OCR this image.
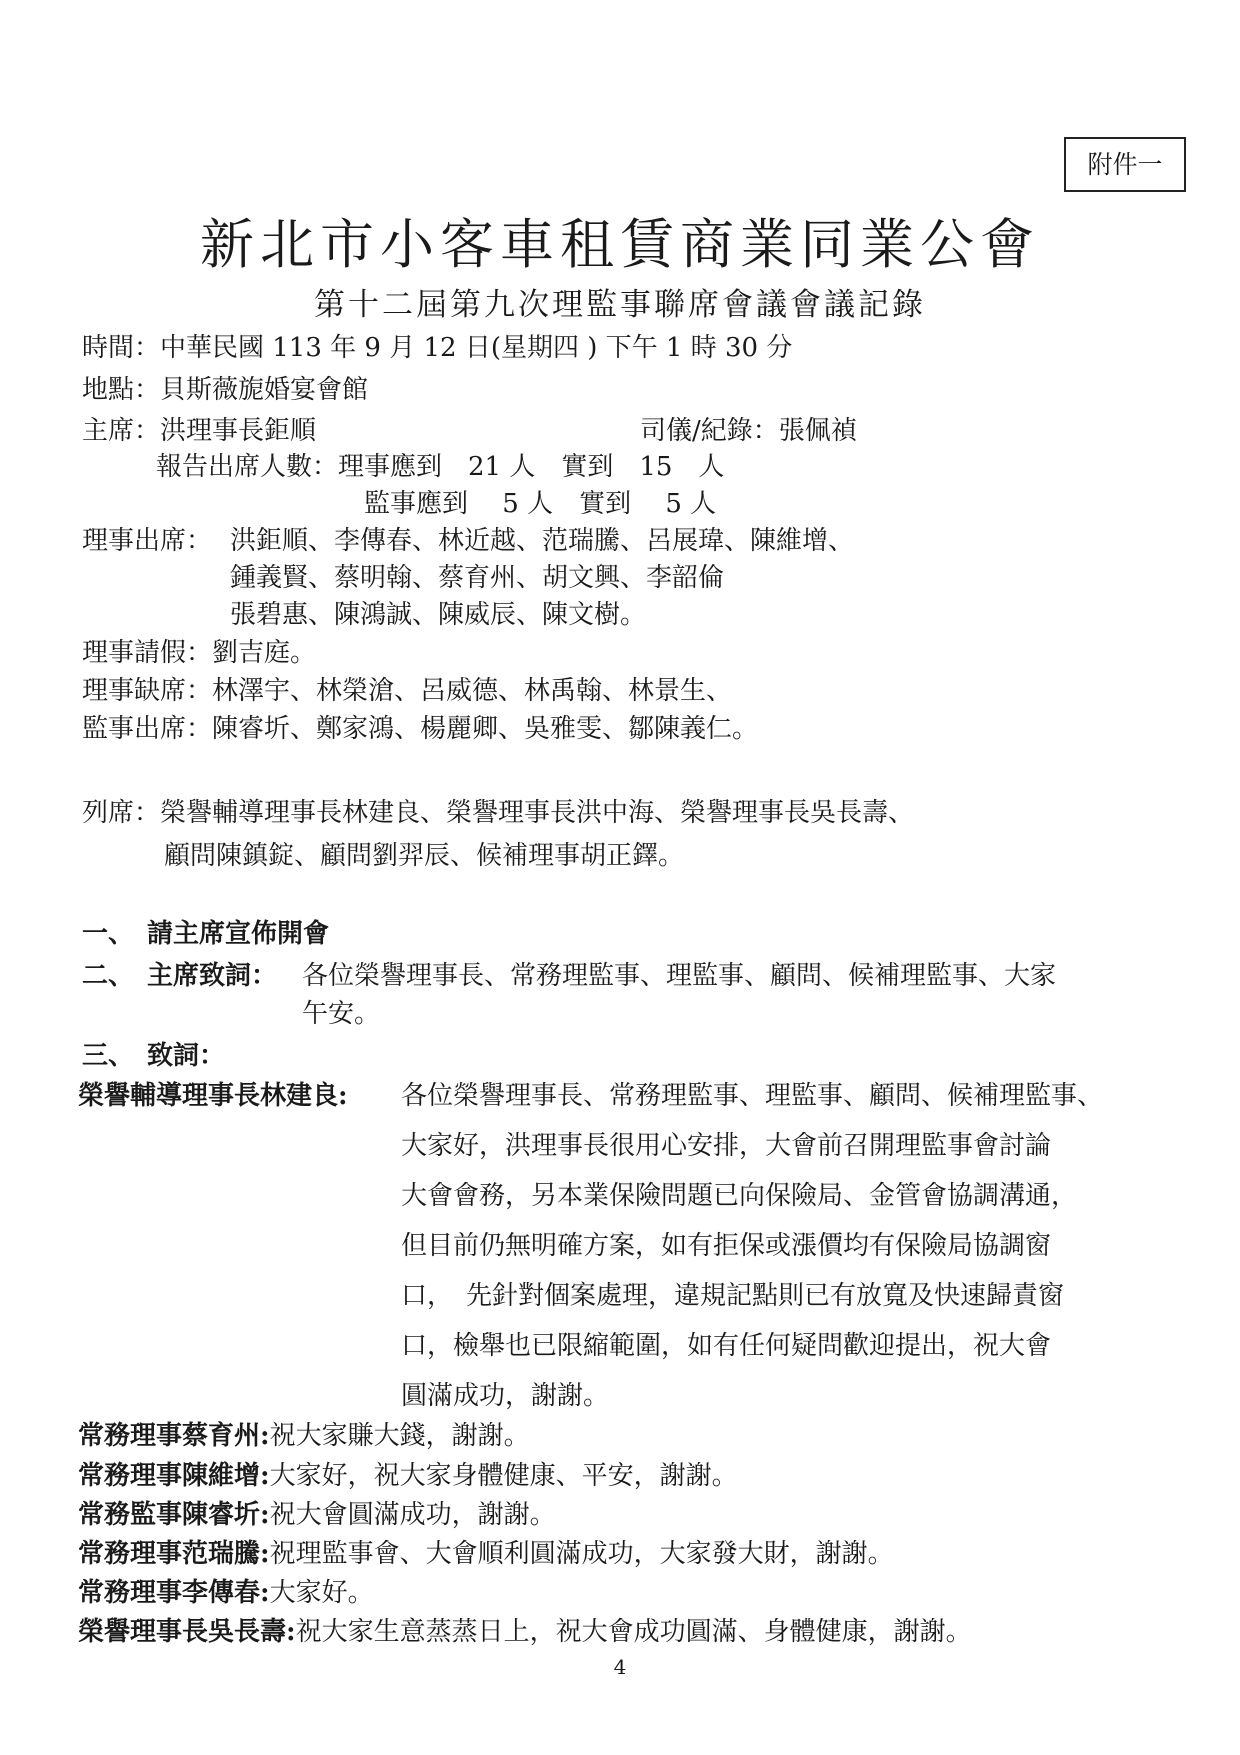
附件一
新北市小客車租賃商業同業公會
第十二屆第九次理監事聯席會議會議記錄
時間：中華民國 113 年 9 月 12 日(星期四 ) 下午 1 時 30 分
地點：貝斯薇旎婚宴會館
主席：洪理事長鉅順	司儀/紀錄：張佩禎
報告出席人數：理事應到　21 人　實到　15　人
監事應到　 5 人　實到　 5 人
理事出席： 洪鉅順、李傳春、林近越、范瑞騰、呂展瑋、陳維增、
鍾義賢、蔡明翰、蔡育州、胡文興、李韶倫
張碧惠、陳鴻誠、陳威辰、陳文樹。
理事請假：劉吉庭。
理事缺席：林澤宇、林榮滄、呂威德、林禹翰、林景生、
監事出席：陳睿圻、鄭家鴻、楊麗卿、吳雅雯、鄒陳義仁。
列席：榮譽輔導理事長林建良、榮譽理事長洪中海、榮譽理事長吳長壽、
顧問陳鎮錠、顧問劉羿辰、候補理事胡正鐸。
一、　請主席宣佈開會
二、　主席致詞： 各位榮譽理事長、常務理監事、理監事、顧問、候補理監事、大家
午安。
三、　致詞：
榮譽輔導理事長林建良: 各位榮譽理事長、常務理監事、理監事、顧問、候補理監事、
大家好，洪理事長很用心安排，大會前召開理監事會討論
大會會務，另本業保險問題已向保險局、金管會協調溝通，
但目前仍無明確方案，如有拒保或漲價均有保險局協調窗
口，　先針對個案處理，違規記點則已有放寬及快速歸責窗
口，檢舉也已限縮範圍，如有任何疑問歡迎提出，祝大會
圓滿成功，謝謝。
常務理事蔡育州:祝大家賺大錢，謝謝。
常務理事陳維增:大家好，祝大家身體健康、平安，謝謝。
常務監事陳睿圻:祝大會圓滿成功，謝謝。
常務理事范瑞騰:祝理監事會、大會順利圓滿成功，大家發大財，謝謝。
常務理事李傳春:大家好。
榮譽理事長吳長壽:祝大家生意蒸蒸日上，祝大會成功圓滿、身體健康，謝謝。
4
